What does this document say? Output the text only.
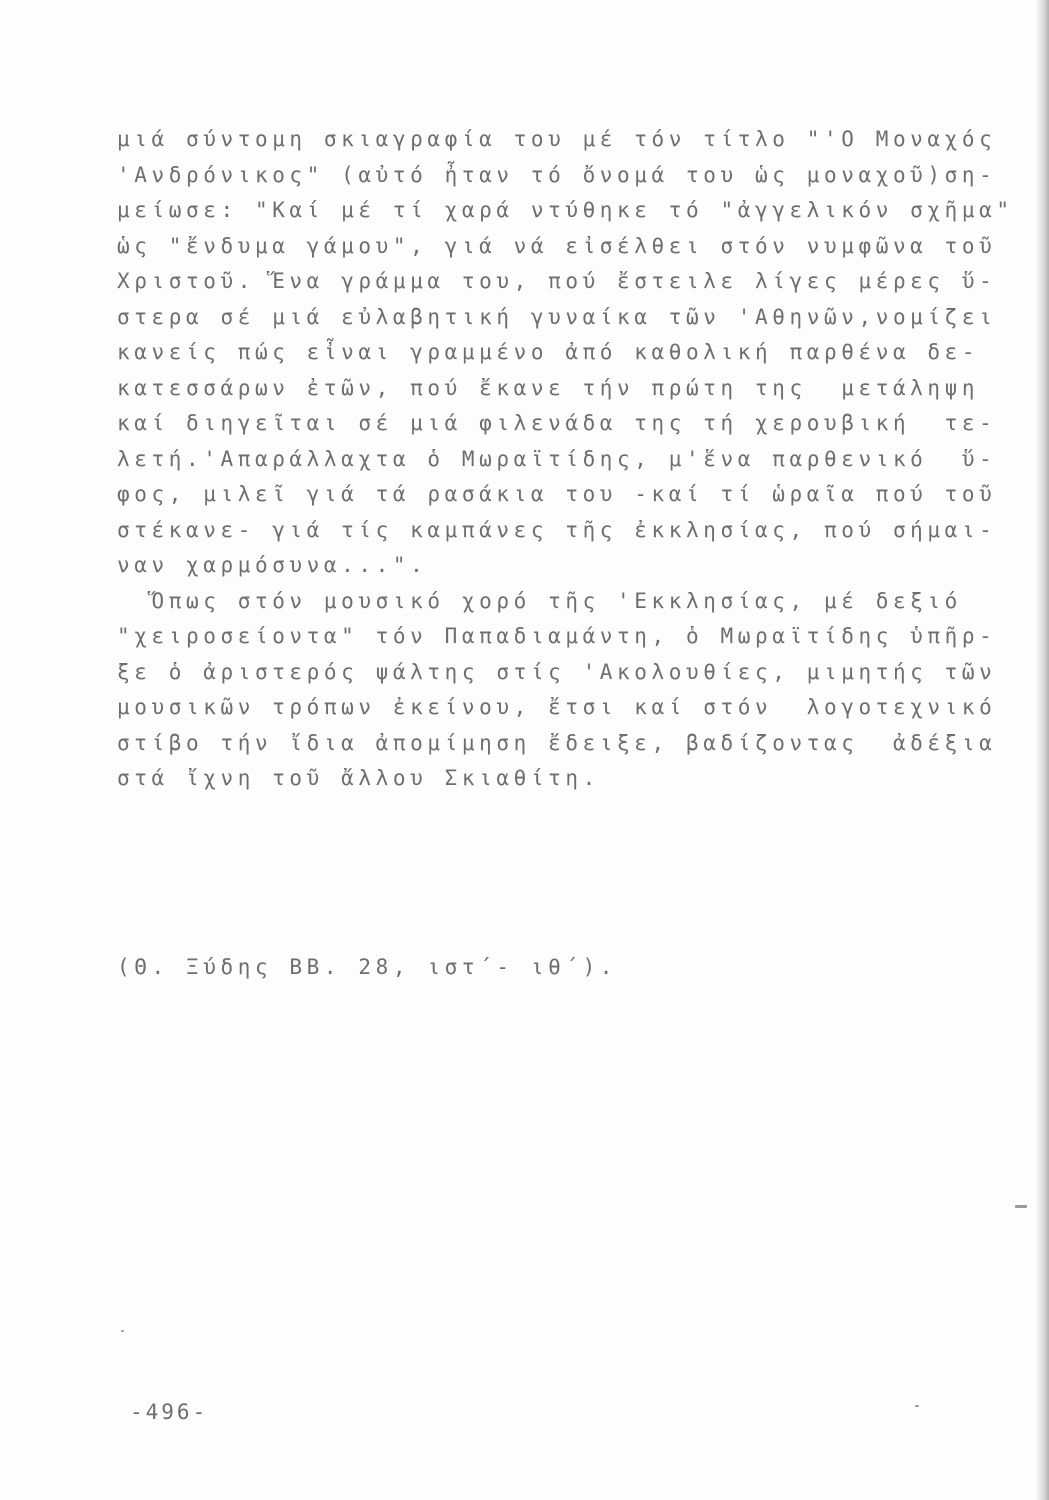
μιά σύντομη σκιαγραφία του μέ τόν τίτλο "'Ο Μοναχός
'Ανδρόνικος" (αὐτό ἦταν τό ὄνομά του ὡς μοναχοῦ)ση-
μείωσε: "Καί μέ τί χαρά ντύθηκε τό "ἀγγελικόν σχῆμα"
ὡς "ἔνδυμα γάμου", γιά νά εἰσέλθει στόν νυμφῶνα τοῦ
Χριστοῦ. Ἕνα γράμμα του, πού ἔστειλε λίγες μέρες ὕ-
στερα σέ μιά εὐλαβητική γυναίκα τῶν 'Αθηνῶν,νομίζει
κανείς πώς εἶναι γραμμένο ἀπό καθολική παρθένα δε-
κατεσσάρων ἐτῶν, πού ἔκανε τήν πρώτη της  μετάληψη
καί διηγεῖται σέ μιά φιλενάδα της τή χερουβική  τε-
λετή.'Απαράλλαχτα ὁ Μωραϊτίδης, μ'ἕνα παρθενικό  ὕ-
φος, μιλεῖ γιά τά ρασάκια του -καί τί ὡραῖα πού τοῦ
στέκανε- γιά τίς καμπάνες τῆς ἐκκλησίας, πού σήμαι-
ναν χαρμόσυνα...".
Ὅπως στόν μουσικό χορό τῆς 'Εκκλησίας, μέ δεξιό
"χειροσείοντα" τόν Παπαδιαμάντη, ὁ Μωραϊτίδης ὑπῆρ-
ξε ὁ ἀριστερός ψάλτης στίς 'Ακολουθίες, μιμητής τῶν
μουσικῶν τρόπων ἐκείνου, ἔτσι καί στόν  λογοτεχνικό
στίβο τήν ἴδια ἀπομίμηση ἔδειξε, βαδίζοντας  ἀδέξια
στά ἴχνη τοῦ ἄλλου Σκιαθίτη.
(Θ. Ξύδης ΒΒ. 28, ιστ΄- ιθ΄).
-496-
